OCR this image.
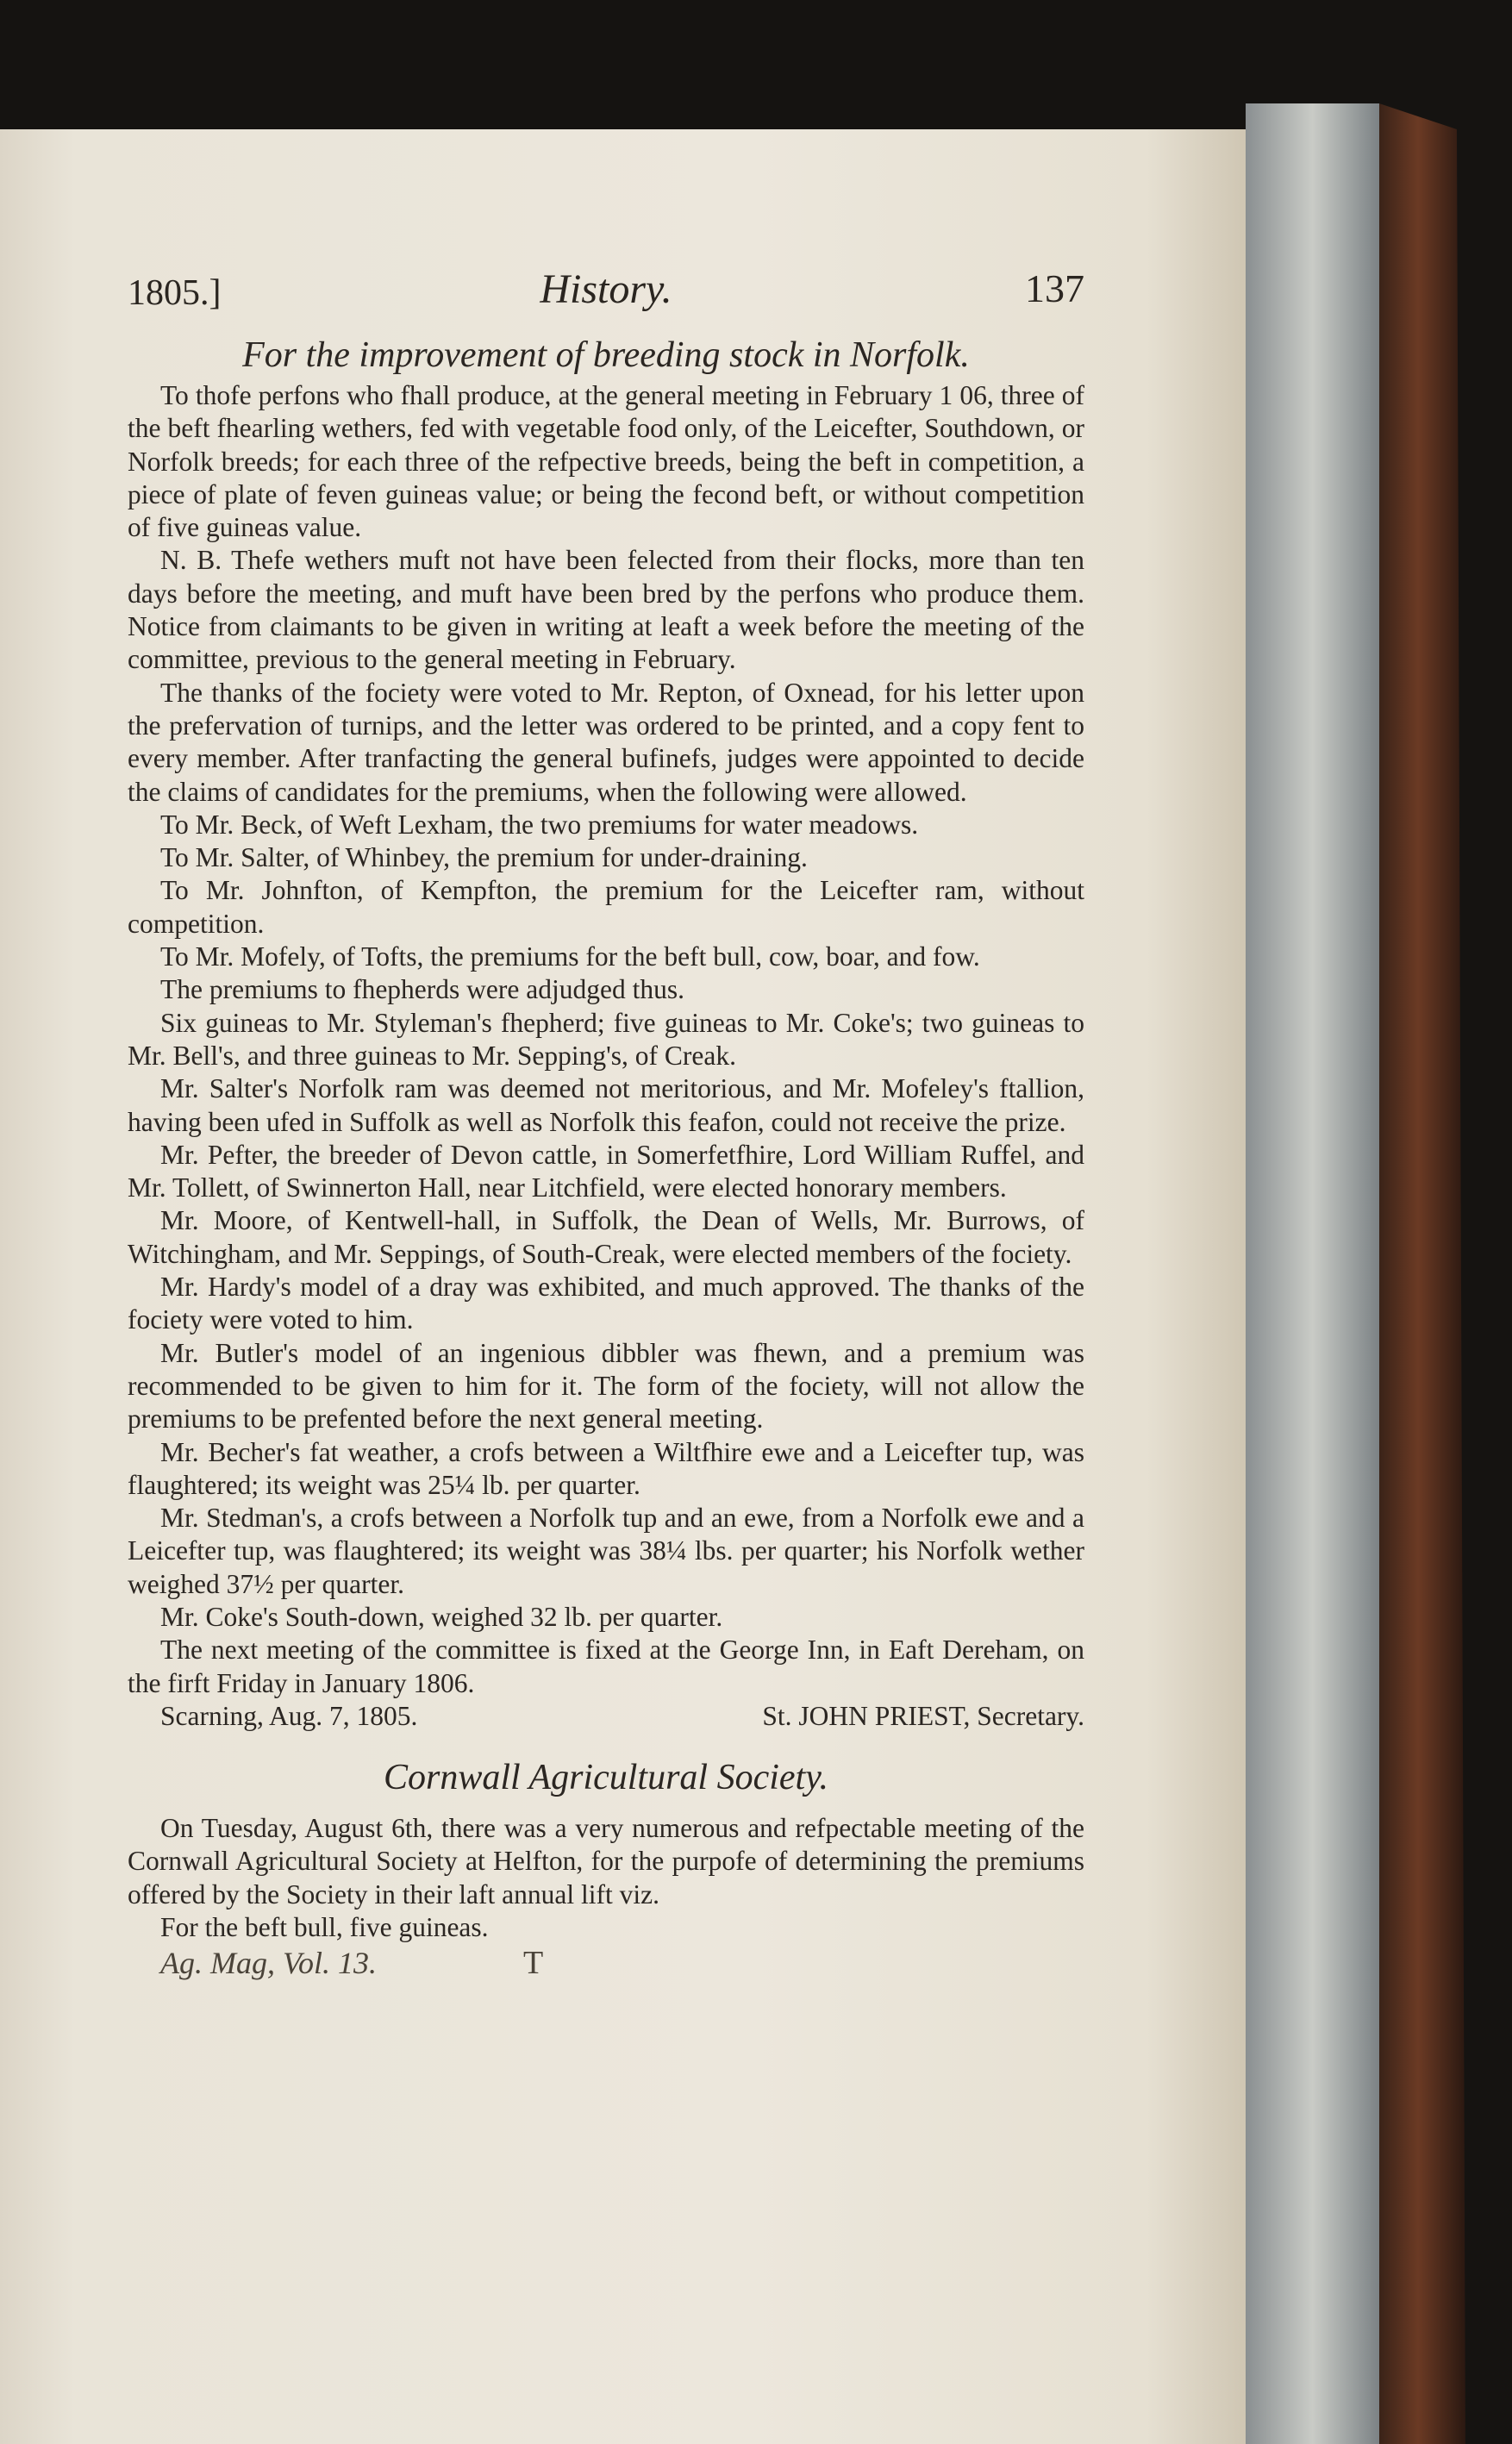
1805.]	History.	137
For the improvement of breeding stock in Norfolk.

To thofe perfons who fhall produce, at the general meeting in February 1 06, three of the beft fhearling wethers, fed with vegetable food only, of the Leicefter, Southdown, or Norfolk breeds; for each three of the refpective breeds, being the beft in competition, a piece of plate of feven guineas value; or being the fecond beft, or without competition of five guineas value.

N. B. Thefe wethers muft not have been felected from their flocks, more than ten days before the meeting, and muft have been bred by the perfons who produce them. Notice from claimants to be given in writing at leaft a week before the meeting of the committee, previous to the general meeting in February.

The thanks of the fociety were voted to Mr. Repton, of Oxnead, for his letter upon the prefervation of turnips, and the letter was ordered to be printed, and a copy fent to every member. After tranfacting the general bufinefs, judges were appointed to decide the claims of candidates for the premiums, when the following were allowed.

To Mr. Beck, of Weft Lexham, the two premiums for water meadows.

To Mr. Salter, of Whinbey, the premium for under-draining.

To Mr. Johnfton, of Kempfton, the premium for the Leicefter ram, without competition.

To Mr. Mofely, of Tofts, the premiums for the beft bull, cow, boar, and fow.

The premiums to fhepherds were adjudged thus.

Six guineas to Mr. Styleman's fhepherd; five guineas to Mr. Coke's; two guineas to Mr. Bell's, and three guineas to Mr. Sepping's, of Creak.

Mr. Salter's Norfolk ram was deemed not meritorious, and Mr. Mofeley's ftallion, having been ufed in Suffolk as well as Norfolk this feafon, could not receive the prize.

Mr. Pefter, the breeder of Devon cattle, in Somerfetfhire, Lord William Ruffel, and Mr. Tollett, of Swinnerton Hall, near Litchfield, were elected honorary members.

Mr. Moore, of Kentwell-hall, in Suffolk, the Dean of Wells, Mr. Burrows, of Witchingham, and Mr. Seppings, of South-Creak, were elected members of the fociety.

Mr. Hardy's model of a dray was exhibited, and much approved. The thanks of the fociety were voted to him.

Mr. Butler's model of an ingenious dibbler was fhewn, and a premium was recommended to be given to him for it. The form of the fociety, will not allow the premiums to be prefented before the next general meeting.

Mr. Becher's fat weather, a crofs between a Wiltfhire ewe and a Leicefter tup, was flaughtered; its weight was 25¼ lb. per quarter.

Mr. Stedman's, a crofs between a Norfolk tup and an ewe, from a Norfolk ewe and a Leicefter tup, was flaughtered; its weight was 38¼ lbs. per quarter; his Norfolk wether weighed 37½ per quarter.

Mr. Coke's South-down, weighed 32 lb. per quarter.

The next meeting of the committee is fixed at the George Inn, in Eaft Dereham, on the firft Friday in January 1806.

Scarning, Aug. 7, 1805.	St. JOHN PRIEST, Secretary.
Cornwall Agricultural Society.

On Tuesday, August 6th, there was a very numerous and refpectable meeting of the Cornwall Agricultural Society at Helfton, for the purpofe of determining the premiums offered by the Society in their laft annual lift viz.

For the beft bull, five guineas.

Ag. Mag, Vol. 13.	T
